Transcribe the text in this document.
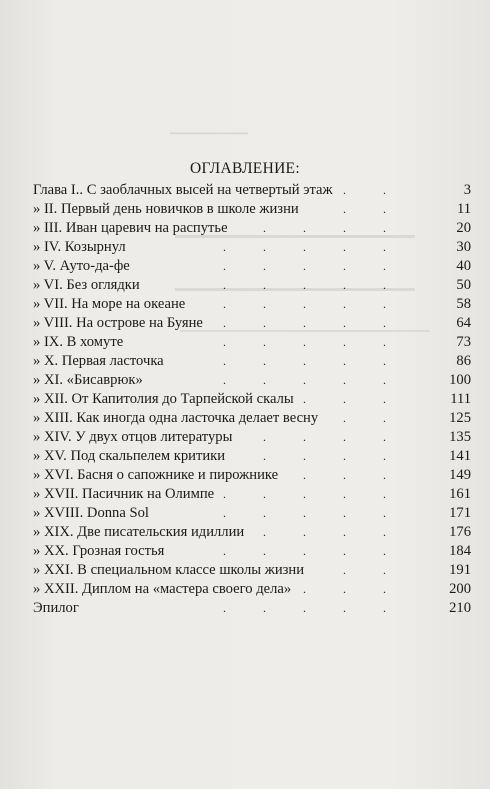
─────
ОГЛАВЛЕНИЕ:
.	.
Глава I.. С заоблачных высей на четвертый этаж	3
.	.
» II. Первый день новичков в школе жизни	11
.	.	.	.
» III. Иван царевич на распутье	20
.	.	.	.	.
» IV. Козырнул	30
.	.	.	.	.
» V. Ауто-да-фе	40
.	.	.	.	.
» VI. Без оглядки	50
.	.	.	.	.
» VII. На море на океане	58
.	.	.	.	.
» VIII. На острове на Буяне	64
.	.	.	.	.
» IX. В хомуте	73
.	.	.	.	.
» X. Первая ласточка	86
.	.	.	.	.
» XI. «Бисаврюк»	100
.	.	.
» XII. От Капитолия до Тарпейской скалы	111
.	.
» XIII. Как иногда одна ласточка делает весну	125
.	.	.	.
» XIV. У двух отцов литературы	135
.	.	.	.
» XV. Под скальпелем критики	141
.	.	.
» XVI. Басня о сапожнике и пирожнике	149
.	.	.	.	.
» XVII. Пасичник на Олимпе	161
.	.	.	.	.
» XVIII. Donna Sol	171
.	.	.	.
» XIX. Две писательския идиллии	176
.	.	.	.	.
» XX. Грозная гостья	184
.	.
» XXI. В специальном классе школы жизни	191
.	.	.
» XXII. Диплом на «мастера своего дела»	200
.	.	.	.	.
Эпилог	210
